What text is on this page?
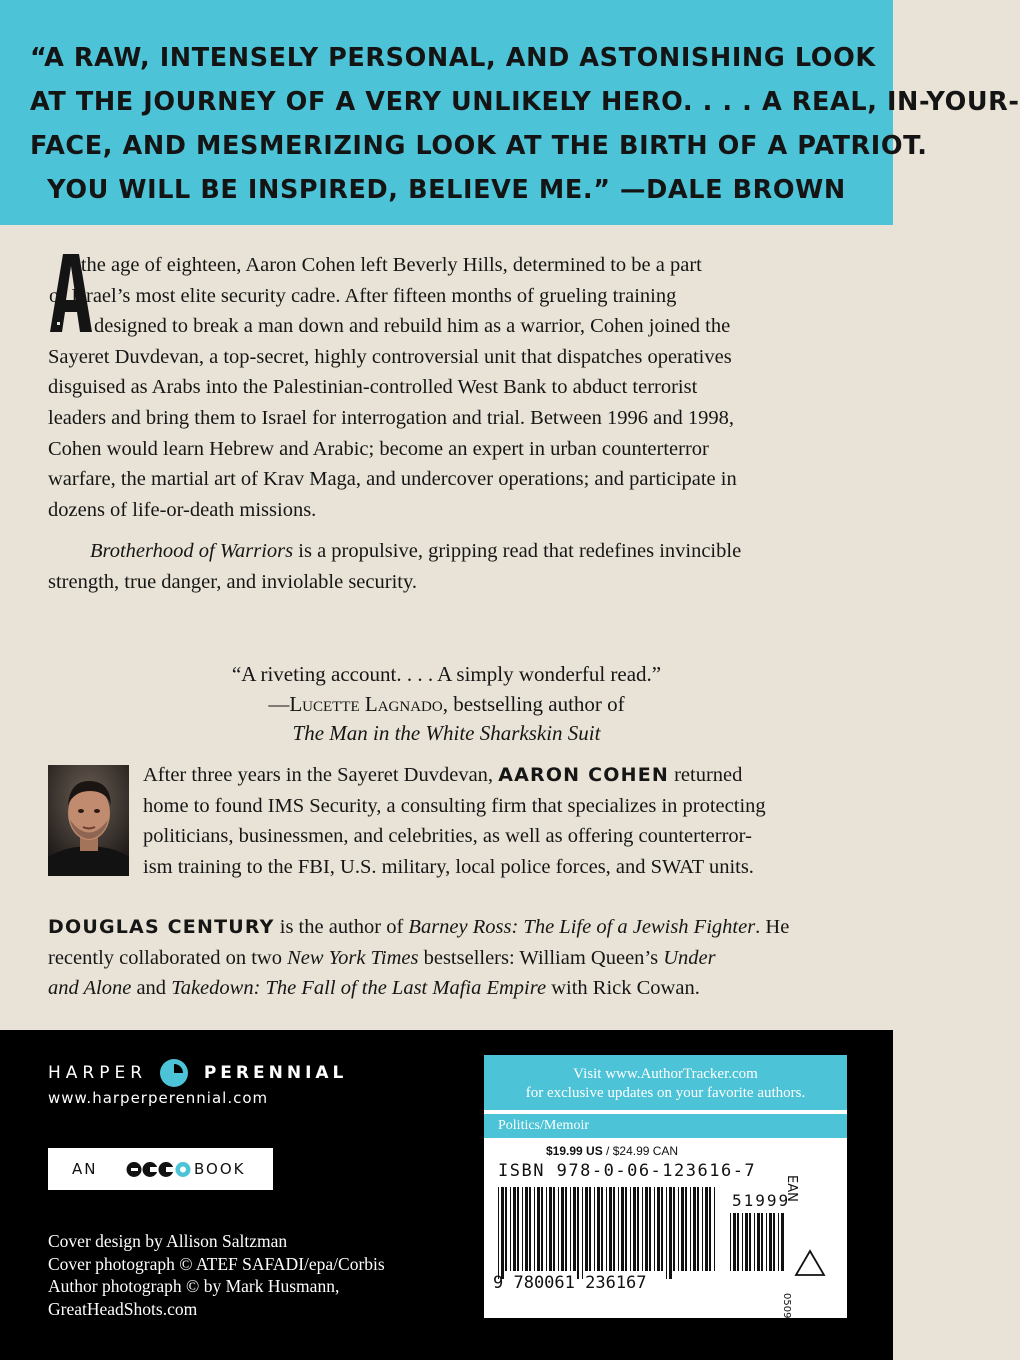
“A RAW, INTENSELY PERSONAL, AND ASTONISHING LOOK
AT THE JOURNEY OF A VERY UNLIKELY HERO. . . . A REAL, IN-YOUR-
FACE, AND MESMERIZING LOOK AT THE BIRTH OF A PATRIOT.
YOU WILL BE INSPIRED, BELIEVE ME.” —DALE BROWN
t the age of eighteen, Aaron Cohen left Beverly Hills, determined to be a part
of Israel’s most elite security cadre. After fifteen months of grueling training
designed to break a man down and rebuild him as a warrior, Cohen joined the
Sayeret Duvdevan, a top-secret, highly controversial unit that dispatches operatives
disguised as Arabs into the Palestinian-controlled West Bank to abduct terrorist
leaders and bring them to Israel for interrogation and trial. Between 1996 and 1998,
Cohen would learn Hebrew and Arabic; become an expert in urban counterterror
warfare, the martial art of Krav Maga, and undercover operations; and participate in
dozens of life-or-death missions.
Brotherhood of Warriors is a propulsive, gripping read that redefines invincible
strength, true danger, and inviolable security.
“A riveting account. . . . A simply wonderful read.”
—Lucette Lagnado, bestselling author of
The Man in the White Sharkskin Suit
After three years in the Sayeret Duvdevan, AARON COHEN returned
home to found IMS Security, a consulting firm that specializes in protecting
politicians, businessmen, and celebrities, as well as offering counterterror-
ism training to the FBI, U.S. military, local police forces, and SWAT units.
DOUGLAS CENTURY is the author of Barney Ross: The Life of a Jewish Fighter. He
recently collaborated on two New York Times bestsellers: William Queen’s Under
and Alone and Takedown: The Fall of the Last Mafia Empire with Rick Cowan.
HARPER	PERENNIAL
www.harperperennial.com
AN	BOOK
Cover design by Allison Saltzman
Cover photograph © ATEF SAFADI/epa/Corbis
Author photograph © by Mark Husmann,
GreatHeadShots.com
Visit www.AuthorTracker.com
for exclusive updates on your favorite authors.
Politics/Memoir
$19.99 US / $24.99 CAN
ISBN 978-0-06-123616-7
51999
9 780061 236167
EAN
0509
